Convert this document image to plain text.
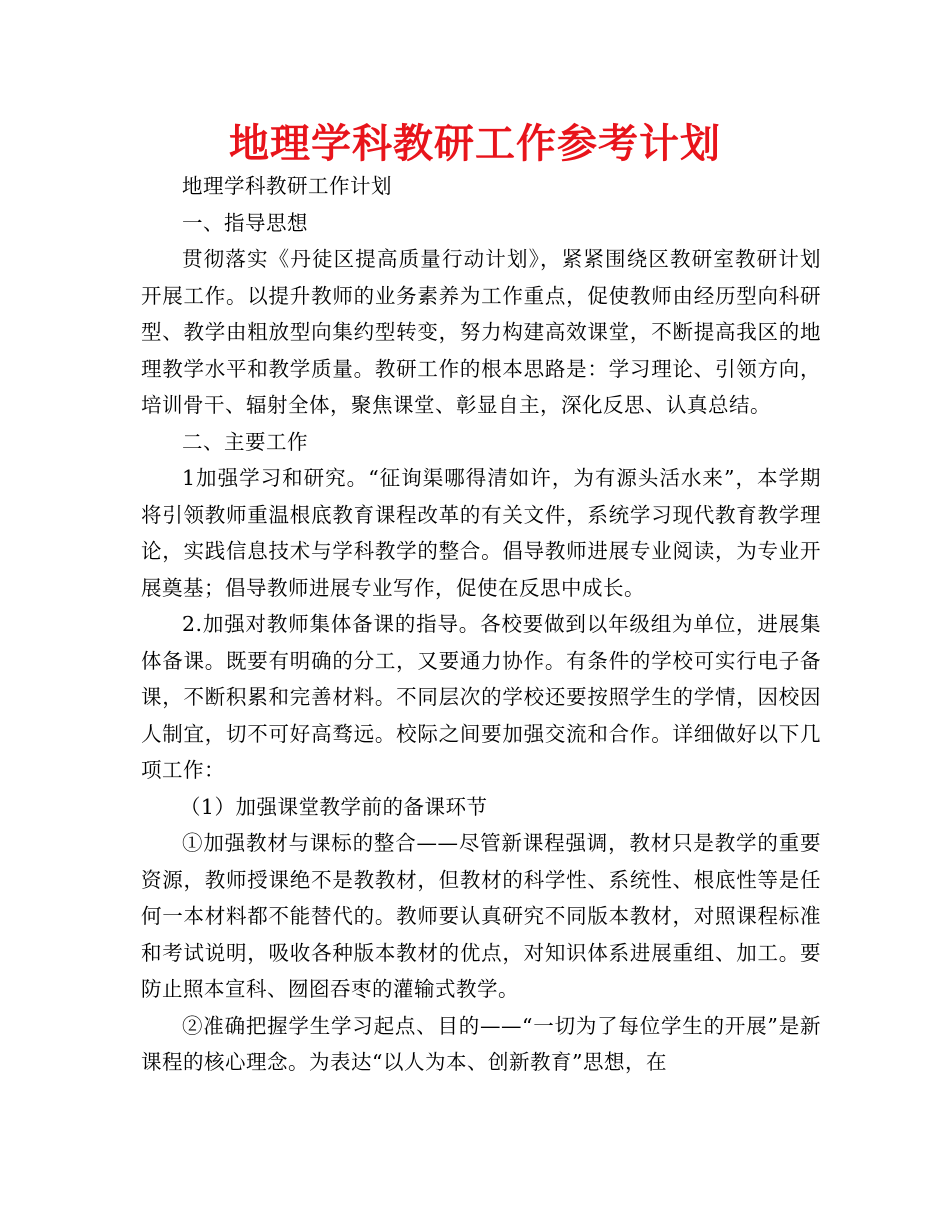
地理学科教研工作参考计划

地理学科教研工作计划

一、指导思想

贯彻落实《丹徒区提高质量行动计划》，紧紧围绕区教研室教研计划开展工作。以提升教师的业务素养为工作重点，促使教师由经历型向科研型、教学由粗放型向集约型转变，努力构建高效课堂，不断提高我区的地理教学水平和教学质量。教研工作的根本思路是：学习理论、引领方向，培训骨干、辐射全体，聚焦课堂、彰显自主，深化反思、认真总结。

二、主要工作

1加强学习和研究。“征询渠哪得清如许，为有源头活水来”，本学期将引领教师重温根底教育课程改革的有关文件，系统学习现代教育教学理论，实践信息技术与学科教学的整合。倡导教师进展专业阅读，为专业开展奠基；倡导教师进展专业写作，促使在反思中成长。

2.加强对教师集体备课的指导。各校要做到以年级组为单位，进展集体备课。既要有明确的分工，又要通力协作。有条件的学校可实行电子备课，不断积累和完善材料。不同层次的学校还要按照学生的学情，因校因人制宜，切不可好高骛远。校际之间要加强交流和合作。详细做好以下几项工作：

（1）加强课堂教学前的备课环节

①加强教材与课标的整合——尽管新课程强调，教材只是教学的重要资源，教师授课绝不是教教材，但教材的科学性、系统性、根底性等是任何一本材料都不能替代的。教师要认真研究不同版本教材，对照课程标准和考试说明，吸收各种版本教材的优点，对知识体系进展重组、加工。要防止照本宣科、囫囵吞枣的灌输式教学。

②准确把握学生学习起点、目的——“一切为了每位学生的开展”是新课程的核心理念。为表达“以人为本、创新教育”思想，在
